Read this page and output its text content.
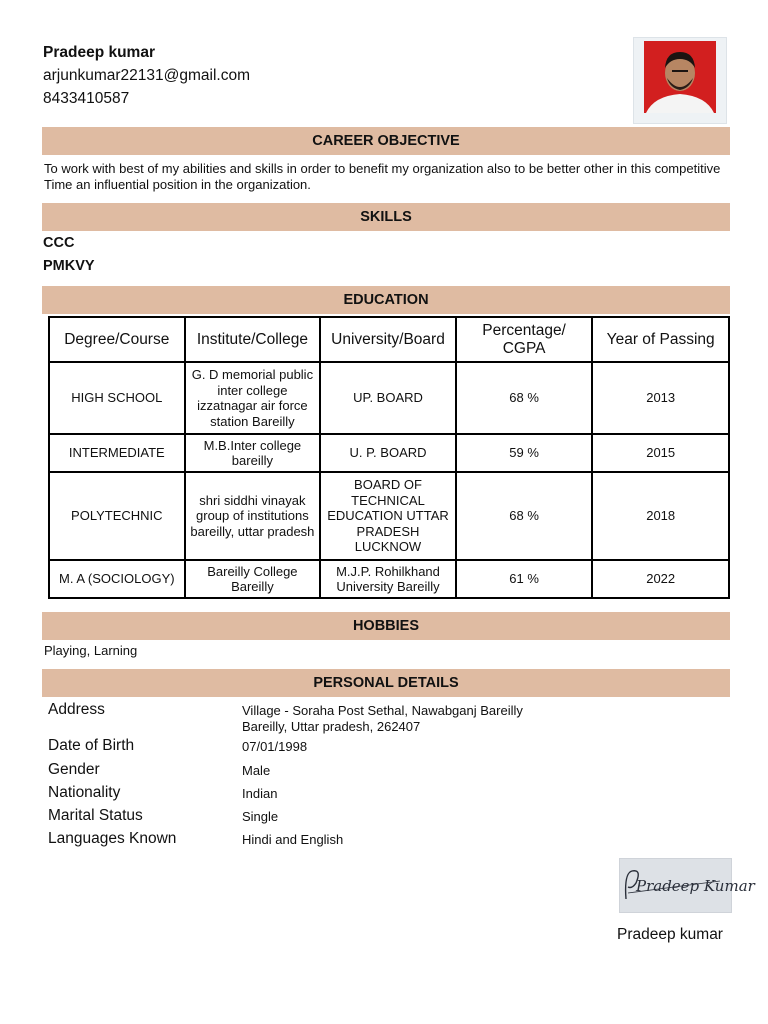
Pradeep kumar
arjunkumar22131@gmail.com
8433410587
CAREER OBJECTIVE
To work with best of my abilities and skills in order to benefit my organization also to be better other in this competitive Time an influential position in the organization.
SKILLS
CCC
PMKVY
EDUCATION
Degree/Course	Institute/College	University/Board	Percentage/ CGPA	Year of Passing
HIGH SCHOOL	G. D memorial public inter college izzatnagar air force station Bareilly	UP. BOARD	68 %	2013
INTERMEDIATE	M.B.Inter college bareilly	U. P. BOARD	59 %	2015
POLYTECHNIC	shri siddhi vinayak group of institutions bareilly, uttar pradesh	BOARD OF TECHNICAL EDUCATION UTTAR PRADESH LUCKNOW	68 %	2018
M. A (SOCIOLOGY)	Bareilly College Bareilly	M.J.P. Rohilkhand University Bareilly	61 %	2022
HOBBIES
Playing, Larning
PERSONAL DETAILS
Address	Village - Soraha Post Sethal, Nawabganj Bareilly
Bareilly, Uttar pradesh, 262407
Date of Birth	07/01/1998
Gender	Male
Nationality	Indian
Marital Status	Single
Languages Known	Hindi and English
Pradeep Kumar
Pradeep kumar
